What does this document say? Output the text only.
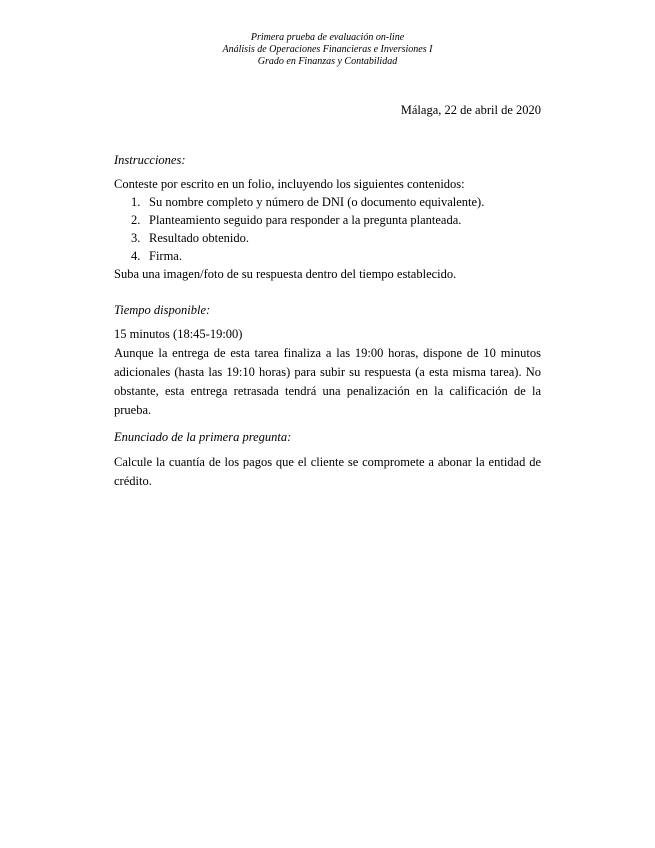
Primera prueba de evaluación on-line
Análisis de Operaciones Financieras e Inversiones I
Grado en Finanzas y Contabilidad
Málaga, 22 de abril de 2020
Instrucciones:
Conteste por escrito en un folio, incluyendo los siguientes contenidos:
1. Su nombre completo y número de DNI (o documento equivalente).
2. Planteamiento seguido para responder a la pregunta planteada.
3. Resultado obtenido.
4. Firma.
Suba una imagen/foto de su respuesta dentro del tiempo establecido.
Tiempo disponible:
15 minutos (18:45-19:00)
Aunque la entrega de esta tarea finaliza a las 19:00 horas, dispone de 10 minutos adicionales (hasta las 19:10 horas) para subir su respuesta (a esta misma tarea). No obstante, esta entrega retrasada tendrá una penalización en la calificación de la prueba.
Enunciado de la primera pregunta:
Calcule la cuantía de los pagos que el cliente se compromete a abonar la entidad de crédito.
